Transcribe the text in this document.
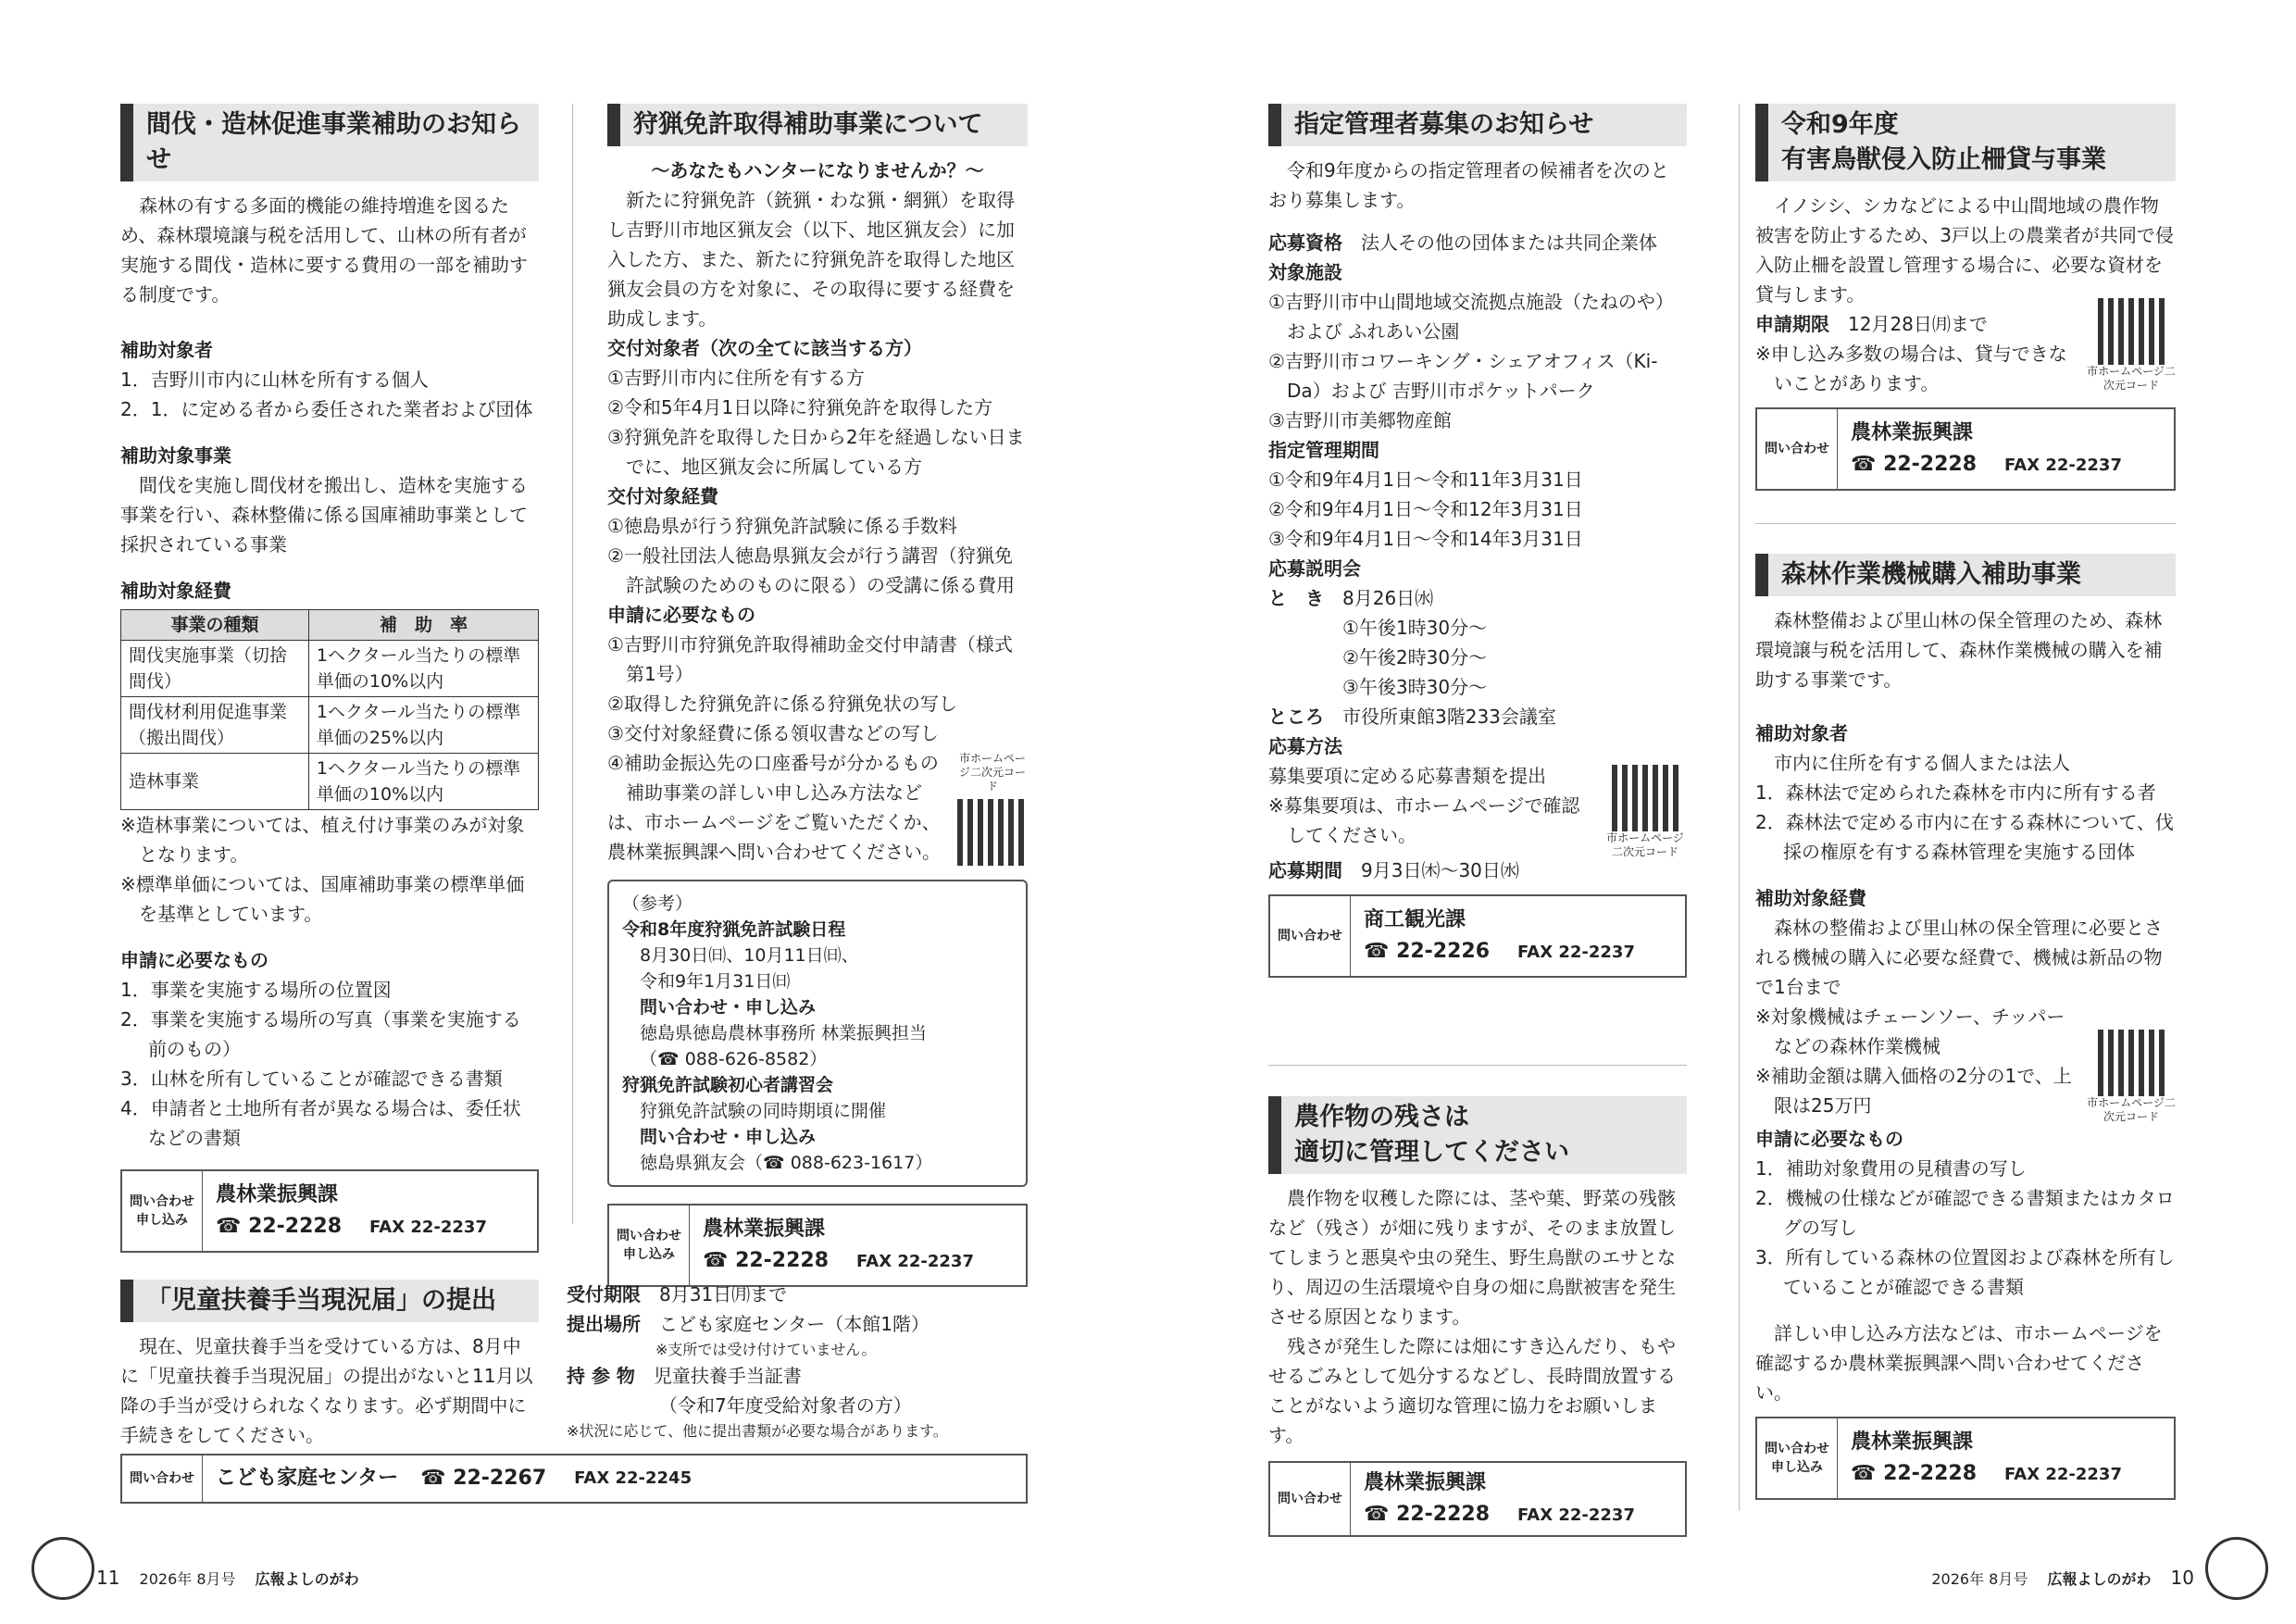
間伐・造林促進事業補助のお知らせ

森林の有する多面的機能の維持増進を図るため、森林環境譲与税を活用して、山林の所有者が実施する間伐・造林に要する費用の一部を補助する制度です。

補助対象者
1．吉野川市内に山林を所有する個人
2．1．に定める者から委任された業者および団体
補助対象事業

間伐を実施し間伐材を搬出し、造林を実施する事業を行い、森林整備に係る国庫補助事業として採択されている事業

補助対象経費
事業の種類	補　助　率
間伐実施事業（切捨間伐）	1ヘクタール当たりの標準単価の10%以内
間伐材利用促進事業（搬出間伐）	1ヘクタール当たりの標準単価の25%以内
造林事業	1ヘクタール当たりの標準単価の10%以内
※造林事業については、植え付け事業のみが対象となります。
※標準単価については、国庫補助事業の標準単価を基準としています。
申請に必要なもの
1．事業を実施する場所の位置図
2．事業を実施する場所の写真（事業を実施する前のもの）
3．山林を所有していることが確認できる書類
4．申請者と土地所有者が異なる場合は、委任状などの書類
問い合わせ
申し込み
農林業振興課
☎ 22-2228 FAX 22-2237
狩猟免許取得補助事業について
～あなたもハンターになりませんか？～

新たに狩猟免許（銃猟・わな猟・網猟）を取得し吉野川市地区猟友会（以下、地区猟友会）に加入した方、また、新たに狩猟免許を取得した地区猟友会員の方を対象に、その取得に要する経費を助成します。

交付対象者（次の全てに該当する方）
①吉野川市内に住所を有する方
②令和5年4月1日以降に狩猟免許を取得した方
③狩猟免許を取得した日から2年を経過しない日までに、地区猟友会に所属している方
交付対象経費
①徳島県が行う狩猟免許試験に係る手数料
②一般社団法人徳島県猟友会が行う講習（狩猟免許試験のためのものに限る）の受講に係る費用
申請に必要なもの
①吉野川市狩猟免許取得補助金交付申請書（様式第1号）
②取得した狩猟免許に係る狩猟免状の写し
③交付対象経費に係る領収書などの写し
④補助金振込先の口座番号が分かるもの

補助事業の詳しい申し込み方法などは、市ホームページをご覧いただくか、農林業振興課へ問い合わせてください。

市ホームページ二次元コード
（参考）
令和8年度狩猟免許試験日程
8月30日㈰、10月11日㈰、
令和9年1月31日㈰
問い合わせ・申し込み
徳島県徳島農林事務所 林業振興担当
（☎ 088-626-8582）
狩猟免許試験初心者講習会
狩猟免許試験の同時期頃に開催
問い合わせ・申し込み
徳島県猟友会（☎ 088-623-1617）
問い合わせ
申し込み
農林業振興課
☎ 22-2228 FAX 22-2237
「児童扶養手当現況届」の提出

現在、児童扶養手当を受けている方は、8月中に「児童扶養手当現況届」の提出がないと11月以降の手当が受けられなくなります。必ず期間中に手続きをしてください。

受付期限　 8月31日㈪まで
提出場所　 こども家庭センター（本館1階）
※支所では受け付けていません。
持 参 物　 児童扶養手当証書
（令和7年度受給対象者の方）
※状況に応じて、他に提出書類が必要な場合があります。
問い合わせ こども家庭センター ☎ 22-2267 FAX 22-2245
指定管理者募集のお知らせ

令和9年度からの指定管理者の候補者を次のとおり募集します。

応募資格　 法人その他の団体または共同企業体
対象施設
①吉野川市中山間地域交流拠点施設（たねのや）および ふれあい公園
②吉野川市コワーキング・シェアオフィス（Ki-Da）および 吉野川市ポケットパーク
③吉野川市美郷物産館
指定管理期間
①令和9年4月1日～令和11年3月31日
②令和9年4月1日～令和12年3月31日
③令和9年4月1日～令和14年3月31日
応募説明会
と　き　 8月26日㈬
①午後1時30分～
②午後2時30分～
③午後3時30分～
ところ　 市役所東館3階233会議室
応募方法
募集要項に定める応募書類を提出
※募集要項は、市ホームページで確認してください。
応募期間　 9月3日㈭～30日㈬
市ホームページ二次元コード
問い合わせ
商工観光課
☎ 22-2226 FAX 22-2237
農作物の残さは
適切に管理してください

農作物を収穫した際には、茎や葉、野菜の残骸など（残さ）が畑に残りますが、そのまま放置してしまうと悪臭や虫の発生、野生鳥獣のエサとなり、周辺の生活環境や自身の畑に鳥獣被害を発生させる原因となります。

残さが発生した際には畑にすき込んだり、もやせるごみとして処分するなどし、長時間放置することがないよう適切な管理に協力をお願いします。

問い合わせ
農林業振興課
☎ 22-2228 FAX 22-2237
令和9年度
有害鳥獣侵入防止柵貸与事業

イノシシ、シカなどによる中山間地域の農作物被害を防止するため、3戸以上の農業者が共同で侵入防止柵を設置し管理する場合に、必要な資材を貸与します。

申請期限　 12月28日㈪まで
※申し込み多数の場合は、貸与できないことがあります。
市ホームページ二次元コード
問い合わせ
農林業振興課
☎ 22-2228 FAX 22-2237
森林作業機械購入補助事業

森林整備および里山林の保全管理のため、森林環境譲与税を活用して、森林作業機械の購入を補助する事業です。

補助対象者
市内に住所を有する個人または法人
1．森林法で定められた森林を市内に所有する者
2．森林法で定める市内に在する森林について、伐採の権原を有する森林管理を実施する団体
補助対象経費

森林の整備および里山林の保全管理に必要とされる機械の購入に必要な経費で、機械は新品の物で1台まで

※対象機械はチェーンソー、チッパーなどの森林作業機械
※補助金額は購入価格の2分の1で、上限は25万円	市ホームページ二次元コード
申請に必要なもの
1．補助対象費用の見積書の写し
2．機械の仕様などが確認できる書類またはカタログの写し
3．所有している森林の位置図および森林を所有していることが確認できる書類

詳しい申し込み方法などは、市ホームページを確認するか農林業振興課へ問い合わせてください。

問い合わせ
申し込み
農林業振興課
☎ 22-2228 FAX 22-2237
11　 2026年 8月号　 広報よしのがわ	2026年 8月号　 広報よしのがわ　 10
